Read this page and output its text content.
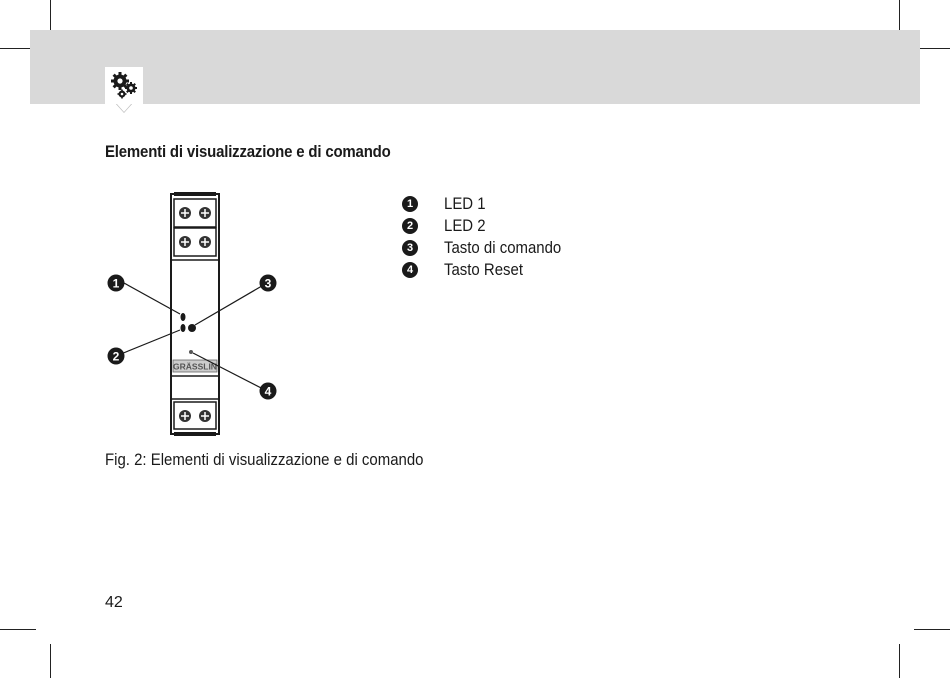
Elementi di visualizzazione e di comando
GRÄSSLIN
1	3
2
4
1 LED 1
2 LED 2
3 Tasto di comando
4 Tasto Reset
Fig. 2: Elementi di visualizzazione e di comando
42
